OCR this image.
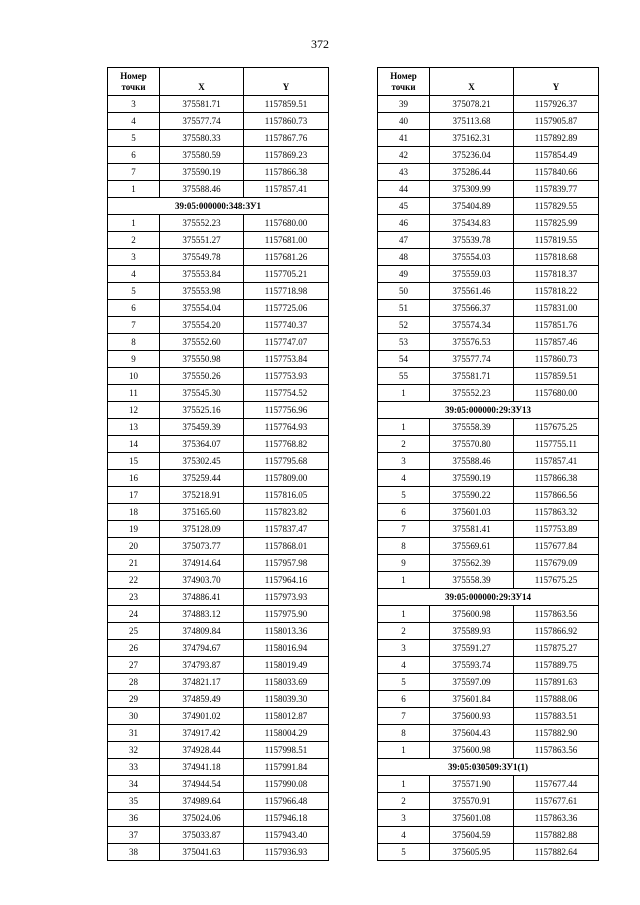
372
Номер точки	X	Y
3	375581.71	1157859.51
4	375577.74	1157860.73
5	375580.33	1157867.76
6	375580.59	1157869.23
7	375590.19	1157866.38
1	375588.46	1157857.41
39:05:000000:348:ЗУ1		
1	375552.23	1157680.00
2	375551.27	1157681.00
3	375549.78	1157681.26
4	375553.84	1157705.21
5	375553.98	1157718.98
6	375554.04	1157725.06
7	375554.20	1157740.37
8	375552.60	1157747.07
9	375550.98	1157753.84
10	375550.26	1157753.93
11	375545.30	1157754.52
12	375525.16	1157756.96
13	375459.39	1157764.93
14	375364.07	1157768.82
15	375302.45	1157795.68
16	375259.44	1157809.00
17	375218.91	1157816.05
18	375165.60	1157823.82
19	375128.09	1157837.47
20	375073.77	1157868.01
21	374914.64	1157957.98
22	374903.70	1157964.16
23	374886.41	1157973.93
24	374883.12	1157975.90
25	374809.84	1158013.36
26	374794.67	1158016.94
27	374793.87	1158019.49
28	374821.17	1158033.69
29	374859.49	1158039.30
30	374901.02	1158012.87
31	374917.42	1158004.29
32	374928.44	1157998.51
33	374941.18	1157991.84
34	374944.54	1157990.08
35	374989.64	1157966.48
36	375024.06	1157946.18
37	375033.87	1157943.40
38	375041.63	1157936.93
Номер точки	X	Y
39	375078.21	1157926.37
40	375113.68	1157905.87
41	375162.31	1157892.89
42	375236.04	1157854.49
43	375286.44	1157840.66
44	375309.99	1157839.77
45	375404.89	1157829.55
46	375434.83	1157825.99
47	375539.78	1157819.55
48	375554.03	1157818.68
49	375559.03	1157818.37
50	375561.46	1157818.22
51	375566.37	1157831.00
52	375574.34	1157851.76
53	375576.53	1157857.46
54	375577.74	1157860.73
55	375581.71	1157859.51
1	375552.23	1157680.00
39:05:000000:29:ЗУ13		
1	375558.39	1157675.25
2	375570.80	1157755.11
3	375588.46	1157857.41
4	375590.19	1157866.38
5	375590.22	1157866.56
6	375601.03	1157863.32
7	375581.41	1157753.89
8	375569.61	1157677.84
9	375562.39	1157679.09
1	375558.39	1157675.25
39:05:000000:29:ЗУ14		
1	375600.98	1157863.56
2	375589.93	1157866.92
3	375591.27	1157875.27
4	375593.74	1157889.75
5	375597.09	1157891.63
6	375601.84	1157888.06
7	375600.93	1157883.51
8	375604.43	1157882.90
1	375600.98	1157863.56
39:05:030509:ЗУ1(1)		
1	375571.90	1157677.44
2	375570.91	1157677.61
3	375601.08	1157863.36
4	375604.59	1157882.88
5	375605.95	1157882.64
